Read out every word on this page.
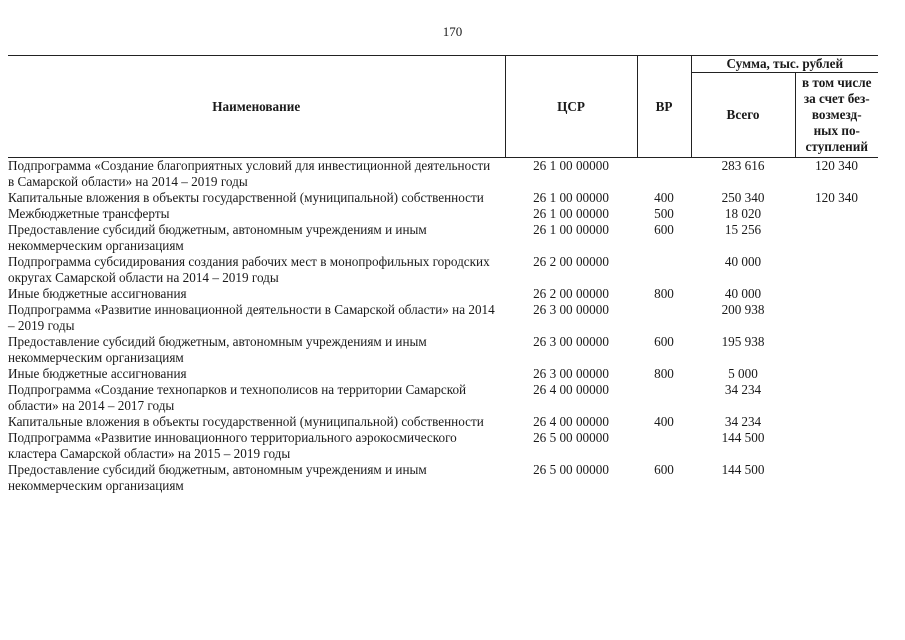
170
Наименование	ЦСР	ВР	Сумма, тыс. рублей	
			Всего	в том числе
за счет без-
возмезд-
ных по-
ступлений

Подпрограмма «Создание благоприятных условий для инвестиционной деятельности в Самарской области» на 2014 – 2019 годы	26 1 00 00000		283 616	120 340
Капитальные вложения в объекты государственной (муниципальной) собственности	26 1 00 00000	400	250 340	120 340
Межбюджетные трансферты	26 1 00 00000	500	18 020	
Предоставление субсидий бюджетным, автономным учреждениям и иным некоммерческим организациям	26 1 00 00000	600	15 256	
Подпрограмма субсидирования создания рабочих мест в монопрофильных городских округах Самарской области на 2014 – 2019 годы	26 2 00 00000		40 000	
Иные бюджетные ассигнования	26 2 00 00000	800	40 000	
Подпрограмма «Развитие инновационной деятельности в Самарской области» на 2014 – 2019 годы	26 3 00 00000		200 938	
Предоставление субсидий бюджетным, автономным учреждениям и иным некоммерческим организациям	26 3 00 00000	600	195 938	
Иные бюджетные ассигнования	26 3 00 00000	800	5 000	
Подпрограмма «Создание технопарков и технополисов на территории Самарской области» на 2014 – 2017 годы	26 4 00 00000		34 234	
Капитальные вложения в объекты государственной (муниципальной) собственности	26 4 00 00000	400	34 234	
Подпрограмма «Развитие инновационного территориального аэрокосмического кластера Самарской области» на 2015 – 2019 годы	26 5 00 00000		144 500	
Предоставление субсидий бюджетным, автономным учреждениям и иным некоммерческим организациям	26 5 00 00000	600	144 500	
